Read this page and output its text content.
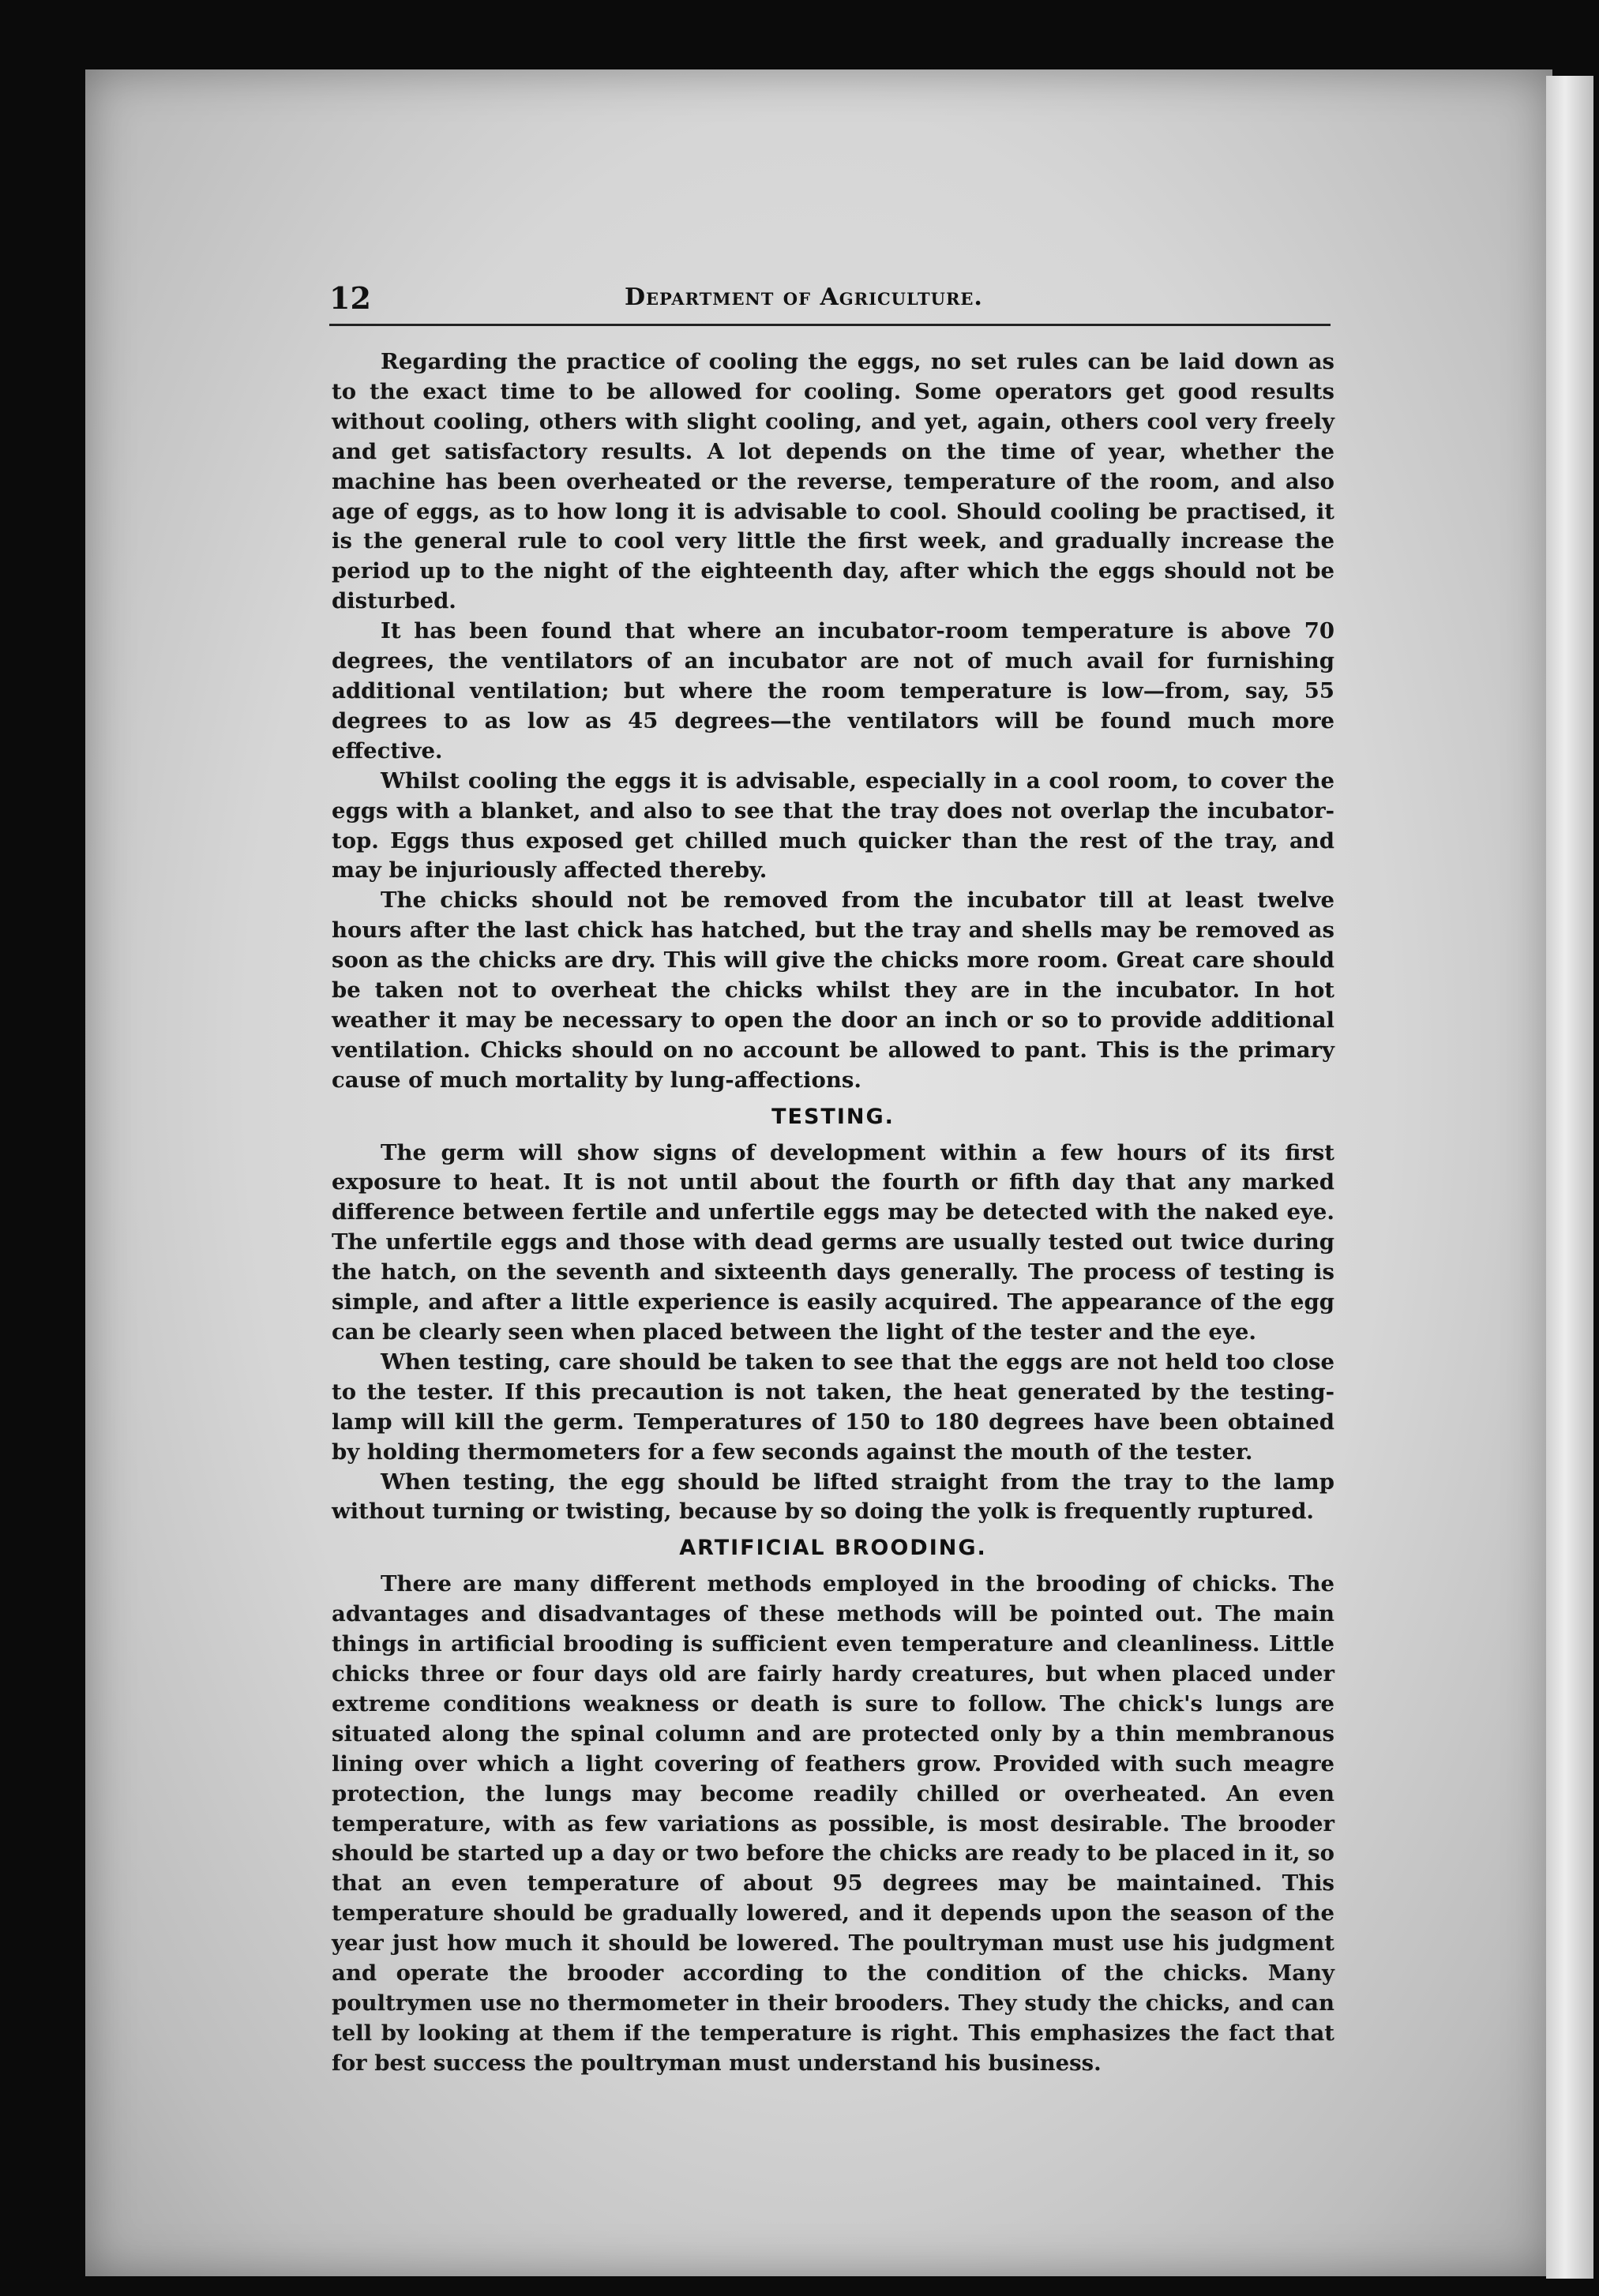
12	Department of Agriculture.

Regarding the practice of cooling the eggs, no set rules can be laid down as to the exact time to be allowed for cooling. Some operators get good results without cooling, others with slight cooling, and yet, again, others cool very freely and get satisfactory results. A lot depends on the time of year, whether the machine has been overheated or the reverse, temperature of the room, and also age of eggs, as to how long it is advisable to cool. Should cooling be practised, it is the general rule to cool very little the first week, and gradually increase the period up to the night of the eighteenth day, after which the eggs should not be disturbed.

It has been found that where an incubator-room temperature is above 70 degrees, the ventilators of an incubator are not of much avail for furnishing additional ventilation; but where the room temperature is low—from, say, 55 degrees to as low as 45 degrees—the ventilators will be found much more effective.

Whilst cooling the eggs it is advisable, especially in a cool room, to cover the eggs with a blanket, and also to see that the tray does not overlap the incubator-top. Eggs thus exposed get chilled much quicker than the rest of the tray, and may be injuriously affected thereby.

The chicks should not be removed from the incubator till at least twelve hours after the last chick has hatched, but the tray and shells may be removed as soon as the chicks are dry. This will give the chicks more room. Great care should be taken not to overheat the chicks whilst they are in the incubator. In hot weather it may be necessary to open the door an inch or so to provide additional ventilation. Chicks should on no account be allowed to pant. This is the primary cause of much mortality by lung-affections.

TESTING.

The germ will show signs of development within a few hours of its first exposure to heat. It is not until about the fourth or fifth day that any marked difference between fertile and unfertile eggs may be detected with the naked eye. The unfertile eggs and those with dead germs are usually tested out twice during the hatch, on the seventh and sixteenth days generally. The process of testing is simple, and after a little experience is easily acquired. The appearance of the egg can be clearly seen when placed between the light of the tester and the eye.

When testing, care should be taken to see that the eggs are not held too close to the tester. If this precaution is not taken, the heat generated by the testing-lamp will kill the germ. Temperatures of 150 to 180 degrees have been obtained by holding thermometers for a few seconds against the mouth of the tester.

When testing, the egg should be lifted straight from the tray to the lamp without turning or twisting, because by so doing the yolk is frequently ruptured.

ARTIFICIAL BROODING.

There are many different methods employed in the brooding of chicks. The advantages and disadvantages of these methods will be pointed out. The main things in artificial brooding is sufficient even temperature and cleanliness. Little chicks three or four days old are fairly hardy creatures, but when placed under extreme conditions weakness or death is sure to follow. The chick's lungs are situated along the spinal column and are protected only by a thin membranous lining over which a light covering of feathers grow. Provided with such meagre protection, the lungs may become readily chilled or overheated. An even temperature, with as few variations as possible, is most desirable. The brooder should be started up a day or two before the chicks are ready to be placed in it, so that an even temperature of about 95 degrees may be maintained. This temperature should be gradually lowered, and it depends upon the season of the year just how much it should be lowered. The poultryman must use his judgment and operate the brooder according to the condition of the chicks. Many poultrymen use no thermometer in their brooders. They study the chicks, and can tell by looking at them if the temperature is right. This emphasizes the fact that for best success the poultryman must understand his business.
